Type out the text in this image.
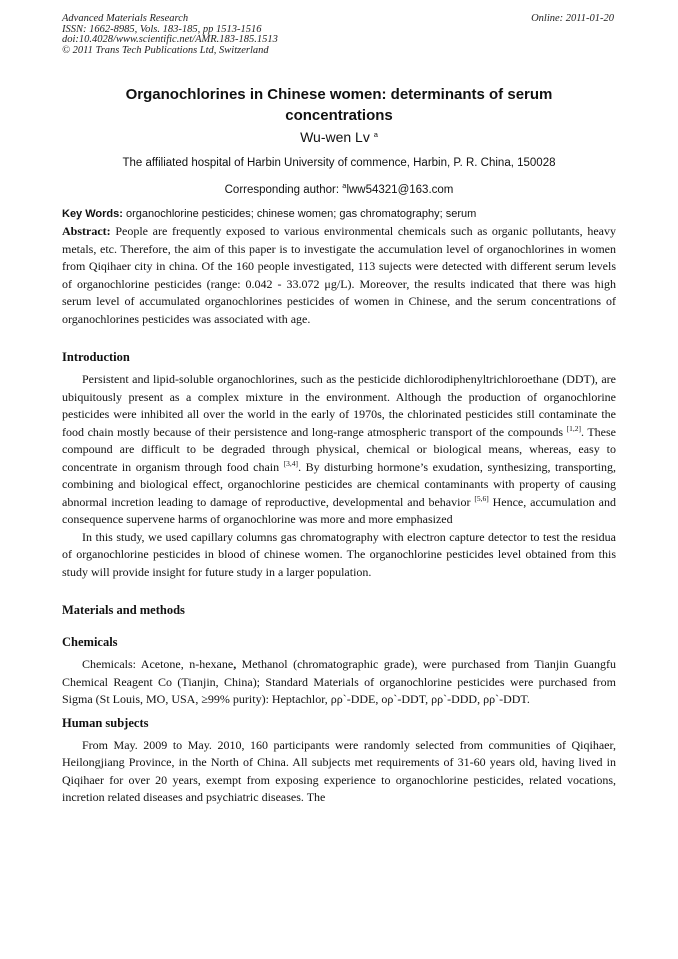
Advanced Materials Research
ISSN: 1662-8985, Vols. 183-185, pp 1513-1516
doi:10.4028/www.scientific.net/AMR.183-185.1513
© 2011 Trans Tech Publications Ltd, Switzerland
Online: 2011-01-20
Organochlorines in Chinese women: determinants of serum
concentrations
Wu-wen Lv $^a$
The affiliated hospital of Harbin University of commence, Harbin, P. R. China, 150028
Corresponding author: $^a$lww54321@163.com
Key Words: organochlorine pesticides; chinese women; gas chromatography; serum

Abstract: People are frequently exposed to various environmental chemicals such as organic pollutants, heavy metals, etc. Therefore, the aim of this paper is to investigate the accumulation level of organochlorines in women from Qiqihaer city in china. Of the 160 people investigated, 113 sujects were detected with different serum levels of organochlorine pesticides (range: 0.042 - 33.072 μg/L). Moreover, the results indicated that there was high serum level of accumulated organochlorines pesticides of women in Chinese, and the serum concentrations of organochlorines pesticides was associated with age.

Introduction

Persistent and lipid-soluble organochlorines, such as the pesticide dichlorodiphenyltrichloroethane (DDT), are ubiquitously present as a complex mixture in the environment. Although the production of organochlorine pesticides were inhibited all over the world in the early of 1970s, the chlorinated pesticides still contaminate the food chain mostly because of their persistence and long-range atmospheric transport of the compounds [1,2]. These compound are difficult to be degraded through physical, chemical or biological means, whereas, easy to concentrate in organism through food chain [3,4]. By disturbing hormone’s exudation, synthesizing, transporting, combining and biological effect, organochlorine pesticides are chemical contaminants with property of causing abnormal incretion leading to damage of reproductive, developmental and behavior [5,6] Hence, accumulation and consequence supervene harms of organochlorine was more and more emphasized

In this study, we used capillary columns gas chromatography with electron capture detector to test the residua of organochlorine pesticides in blood of chinese women. The organochlorine pesticides level obtained from this study will provide insight for future study in a larger population.

Materials and methods
Chemicals

Chemicals: Acetone, n-hexane, Methanol (chromatographic grade), were purchased from Tianjin Guangfu Chemical Reagent Co (Tianjin, China); Standard Materials of organochlorine pesticides were purchased from Sigma (St Louis, MO, USA, ≥99% purity): Heptachlor, ρρ`-DDE, ορ`-DDT, ρρ`-DDD, ρρ`-DDT.

Human subjects

From May. 2009 to May. 2010, 160 participants were randomly selected from communities of Qiqihaer, Heilongjiang Province, in the North of China. All subjects met requirements of 31-60 years old, having lived in Qiqihaer for over 20 years, exempt from exposing experience to organochlorine pesticides, related vocations, incretion related diseases and psychiatric diseases. The
